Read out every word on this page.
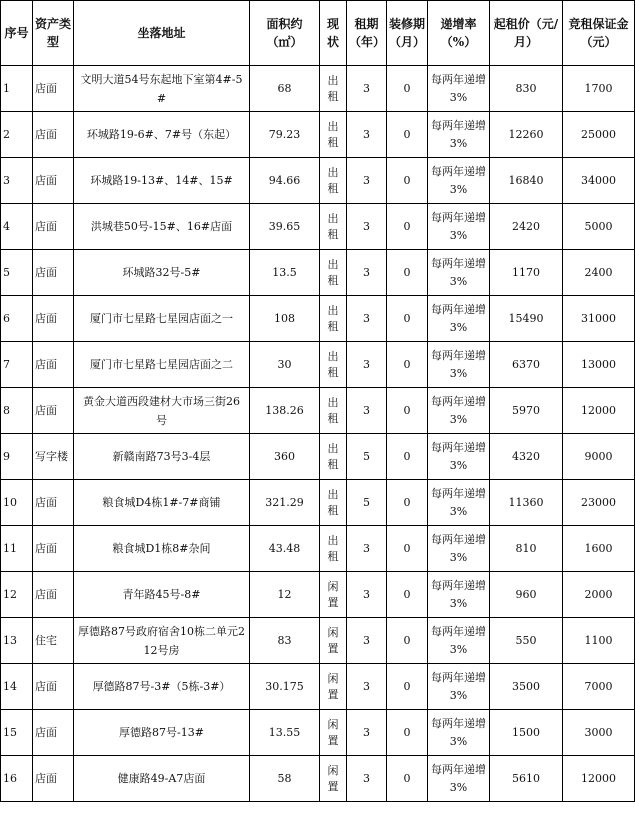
序号	资产类型	坐落地址	面积约（㎡）	现状	租期（年）	装修期（月）	递增率（%）	起租价（元/月）	竞租保证金（元）
1	店面	文明大道54号东起地下室第4#-5#	68	出租	3	0	每两年递增3%	830	1700
2	店面	环城路19-6#、7#号（东起）	79.23	出租	3	0	每两年递增3%	12260	25000
3	店面	环城路19-13#、14#、15#	94.66	出租	3	0	每两年递增3%	16840	34000
4	店面	洪城巷50号-15#、16#店面	39.65	出租	3	0	每两年递增3%	2420	5000
5	店面	环城路32号-5#	13.5	出租	3	0	每两年递增3%	1170	2400
6	店面	厦门市七星路七星园店面之一	108	出租	3	0	每两年递增3%	15490	31000
7	店面	厦门市七星路七星园店面之二	30	出租	3	0	每两年递增3%	6370	13000
8	店面	黄金大道西段建材大市场三街26号	138.26	出租	3	0	每两年递增3%	5970	12000
9	写字楼	新赣南路73号3-4层	360	出租	5	0	每两年递增3%	4320	9000
10	店面	粮食城D4栋1#-7#商铺	321.29	出租	5	0	每两年递增3%	11360	23000
11	店面	粮食城D1栋8#杂间	43.48	出租	3	0	每两年递增3%	810	1600
12	店面	青年路45号-8#	12	闲置	3	0	每两年递增3%	960	2000
13	住宅	厚德路87号政府宿舍10栋二单元212号房	83	闲置	3	0	每两年递增3%	550	1100
14	店面	厚德路87号-3#（5栋-3#）	30.175	闲置	3	0	每两年递增3%	3500	7000
15	店面	厚德路87号-13#	13.55	闲置	3	0	每两年递增3%	1500	3000
16	店面	健康路49-A7店面	58	闲置	3	0	每两年递增3%	5610	12000
